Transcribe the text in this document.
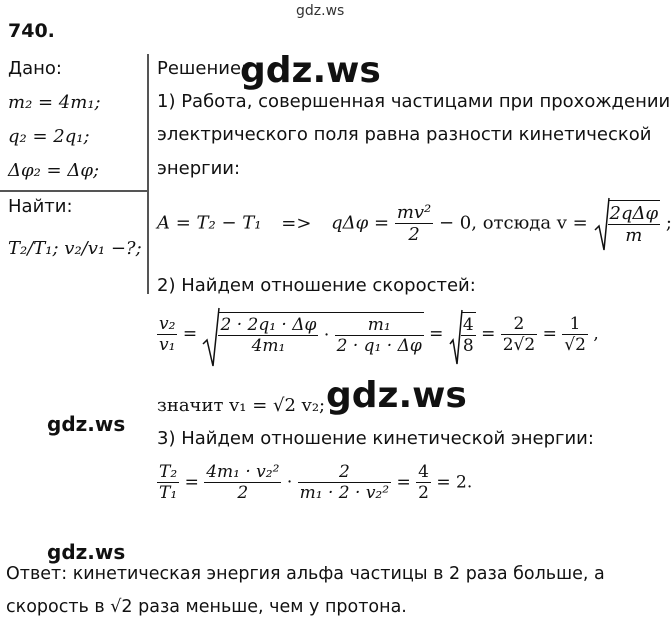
gdz.ws
740.
Дано:
m₂ = 4m₁;
q₂ = 2q₁;
Δφ₂ = Δφ;
Найти:
T₂/T₁; v₂/v₁ −?;
Решение:
1) Работа, совершенная частицами при прохождении
электрического поля равна разности кинетической
энергии:
$A = T_2 - T_1 => q\Delta\varphi = \frac{\text{mv²}}{2} - 0$, отсюда $v = \frac{\text{2qΔφ}}{m}$ ;
2) Найдем отношение скоростей:
$\frac{\text{v₂}}{\text{v₁}} = \frac{\text{2 · 2q₁ · Δφ}}{\text{4m₁}} \cdot \frac{\text{m₁}}{\text{2 · q₁ · Δφ}} = \frac{4}{8} = \frac{2}{2√2} = \frac{1}{√2}$ ,
значит v₁ = √2 v₂;
gdz.ws
gdz.ws
gdz.ws
gdz.ws
3) Найдем отношение кинетической энергии:
$\frac{\text{T₂}}{\text{T₁}} = \frac{\text{4m₁ · v₂²}}{2} \cdot \frac{2}{\text{m₁ · 2 · v₂²}} = \frac{4}{2} = 2$.
Ответ: кинетическая энергия альфа частицы в 2 раза больше, а
скорость в √2 раза меньше, чем у протона.
